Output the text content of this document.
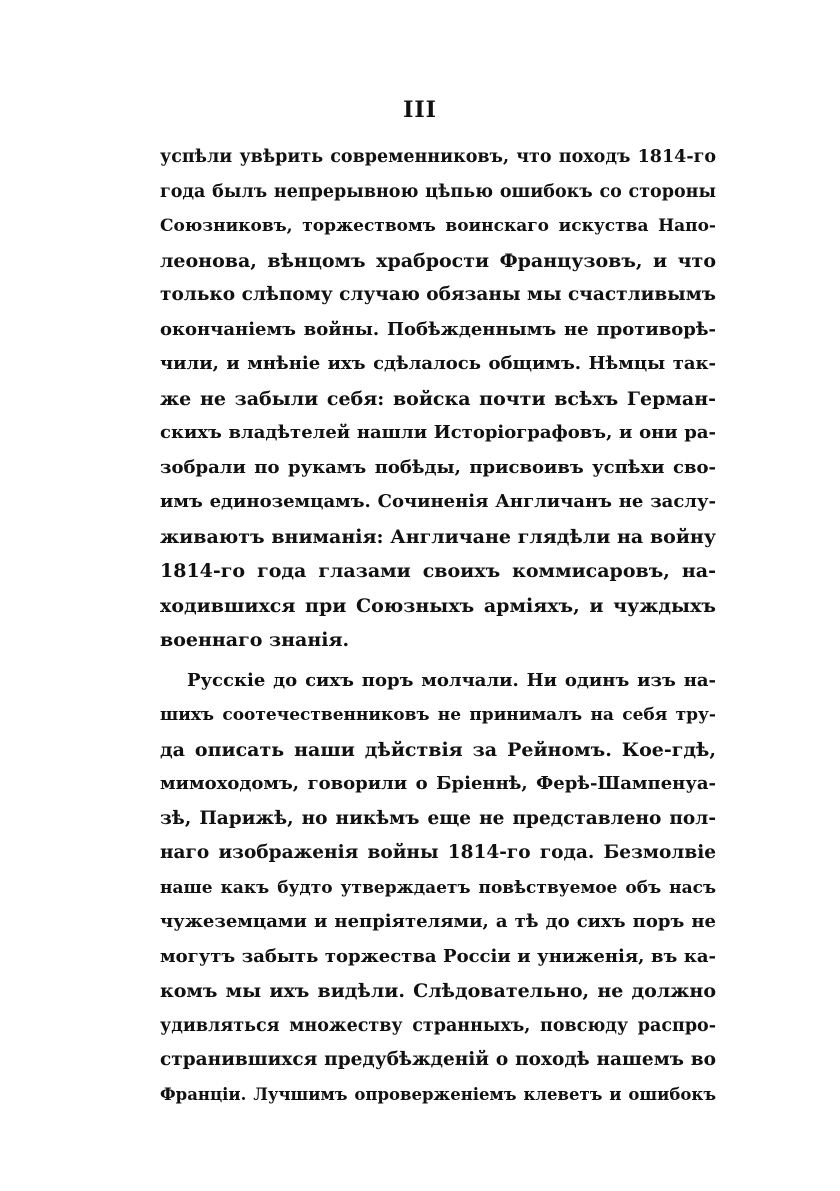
III
успѣли увѣрить современниковъ, что походъ 1814-го
года былъ непрерывною цѣпью ошибокъ со стороны
Союзниковъ, торжествомъ воинскаго искуства Напо-
леонова, вѣнцомъ храбрости Французовъ, и что
только слѣпому случаю обязаны мы счастливымъ
окончаніемъ войны. Побѣжденнымъ не противорѣ-
чили, и мнѣніе ихъ сдѣлалось общимъ. Нѣмцы так-
же не забыли себя: войска почти всѣхъ Герман-
скихъ владѣтелей нашли Исторіографовъ, и они ра-
зобрали по рукамъ побѣды, присвоивъ успѣхи сво-
имъ единоземцамъ. Сочиненія Англичанъ не заслу-
живаютъ вниманія: Англичане глядѣли на войну
1814-го года глазами своихъ коммисаровъ, на-
ходившихся при Союзныхъ арміяхъ, и чуждыхъ
военнаго знанія.
Русскіе до сихъ поръ молчали. Ни одинъ изъ на-
шихъ соотечественниковъ не принималъ на себя тру-
да описать наши дѣйствія за Рейномъ. Кое-гдѣ,
мимоходомъ, говорили о Бріеннѣ, Ферѣ-Шампенуа-
зѣ, Парижѣ, но никѣмъ еще не представлено пол-
наго изображенія войны 1814-го года. Безмолвіе
наше какъ будто утверждаетъ повѣствуемое объ насъ
чужеземцами и непріятелями, а тѣ до сихъ поръ не
могутъ забыть торжества Россіи и униженія, въ ка-
комъ мы ихъ видѣли. Слѣдовательно, не должно
удивляться множеству странныхъ, повсюду распро-
странившихся предубѣжденій о походѣ нашемъ во
Франціи. Лучшимъ опроверженіемъ клеветъ и ошибокъ
